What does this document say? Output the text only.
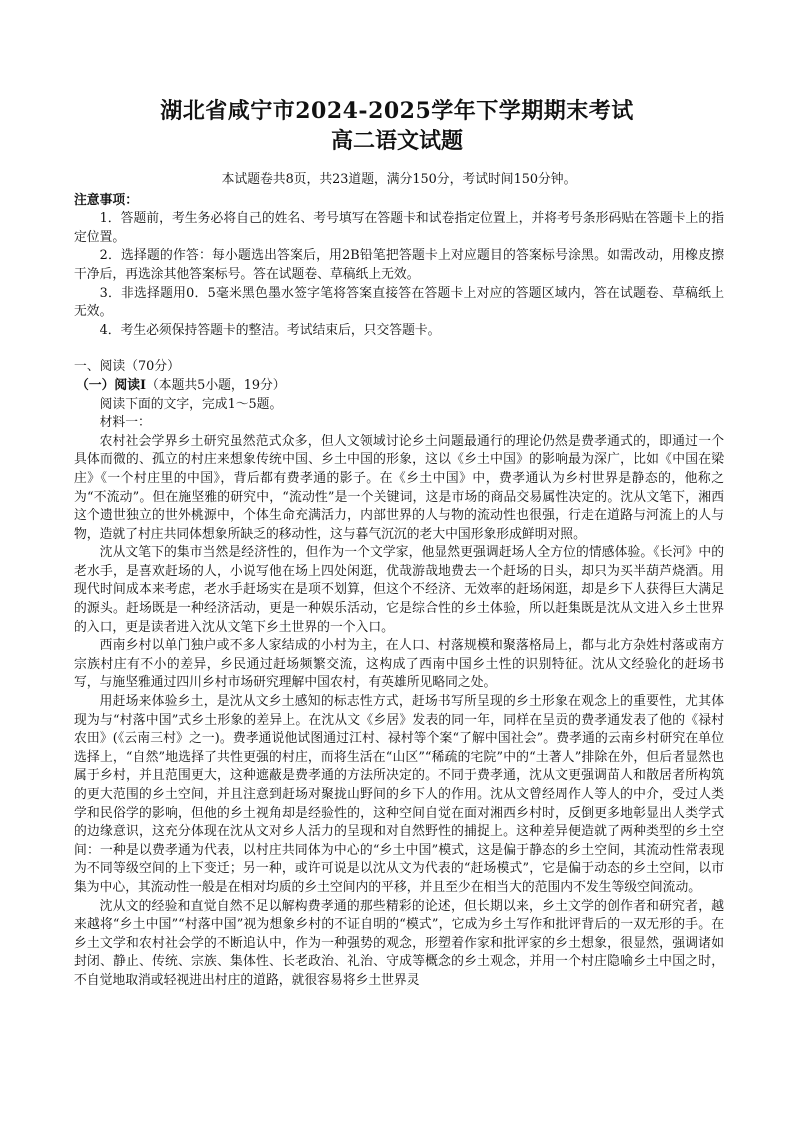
湖北省咸宁市2024-2025学年下学期期末考试
高二语文试题

本试题卷共8页，共23道题，满分150分，考试时间150分钟。

注意事项：

1．答题前，考生务必将自己的姓名、考号填写在答题卡和试卷指定位置上，并将考号条形码贴在答题卡上的指定位置。

2．选择题的作答：每小题选出答案后，用2B铅笔把答题卡上对应题目的答案标号涂黑。如需改动，用橡皮擦干净后，再选涂其他答案标号。答在试题卷、草稿纸上无效。

3．非选择题用0．5毫米黑色墨水签字笔将答案直接答在答题卡上对应的答题区域内，答在试题卷、草稿纸上无效。

4．考生必须保持答题卡的整洁。考试结束后，只交答题卡。

一、阅读（70分）

（一）阅读Ⅰ（本题共5小题，19分）

阅读下面的文字，完成1～5题。

材料一：

农村社会学界乡土研究虽然范式众多，但人文领域讨论乡土问题最通行的理论仍然是费孝通式的，即通过一个具体而微的、孤立的村庄来想象传统中国、乡土中国的形象，这以《乡土中国》的影响最为深广，比如《中国在梁庄》《一个村庄里的中国》，背后都有费孝通的影子。在《乡土中国》中，费孝通认为乡村世界是静态的，他称之为“不流动”。但在施坚雅的研究中，“流动性”是一个关键词，这是市场的商品交易属性决定的。沈从文笔下，湘西这个遗世独立的世外桃源中，个体生命充满活力，内部世界的人与物的流动性也很强，行走在道路与河流上的人与物，造就了村庄共同体想象所缺乏的移动性，这与暮气沉沉的老大中国形象形成鲜明对照。

沈从文笔下的集市当然是经济性的，但作为一个文学家，他显然更强调赶场人全方位的情感体验。《长河》中的老水手，是喜欢赶场的人，小说写他在场上四处闲逛，优哉游哉地费去一个赶场的日头，却只为买半葫芦烧酒。用现代时间成本来考虑，老水手赶场实在是项不划算，但这个不经济、无效率的赶场闲逛，却是乡下人获得巨大满足的源头。赶场既是一种经济活动，更是一种娱乐活动，它是综合性的乡土体验，所以赶集既是沈从文进入乡土世界的入口，更是读者进入沈从文笔下乡土世界的一个入口。

西南乡村以单门独户或不多人家结成的小村为主，在人口、村落规模和聚落格局上，都与北方杂姓村落或南方宗族村庄有不小的差异，乡民通过赶场频繁交流，这构成了西南中国乡土性的识别特征。沈从文经验化的赶场书写，与施坚雅通过四川乡村市场研究理解中国农村，有英雄所见略同之处。

用赶场来体验乡土，是沈从文乡土感知的标志性方式，赶场书写所呈现的乡土形象在观念上的重要性，尤其体现为与“村落中国”式乡土形象的差异上。在沈从文《乡居》发表的同一年，同样在呈贡的费孝通发表了他的《禄村农田》(《云南三村》之一)。费孝通说他试图通过江村、禄村等个案“了解中国社会”。费孝通的云南乡村研究在单位选择上，“自然”地选择了共性更强的村庄，而将生活在“山区”“稀疏的宅院”中的“土著人”排除在外，但后者显然也属于乡村，并且范围更大，这种遮蔽是费孝通的方法所决定的。不同于费孝通，沈从文更强调苗人和散居者所构筑的更大范围的乡土空间，并且注意到赶场对聚拢山野间的乡下人的作用。沈从文曾经周作人等人的中介，受过人类学和民俗学的影响，但他的乡土视角却是经验性的，这种空间自觉在面对湘西乡村时，反倒更多地彰显出人类学式的边缘意识，这充分体现在沈从文对乡人活力的呈现和对自然野性的捕捉上。这种差异便造就了两种类型的乡土空间：一种是以费孝通为代表，以村庄共同体为中心的“乡土中国”模式，这是偏于静态的乡土空间，其流动性常表现为不同等级空间的上下变迁；另一种，或许可说是以沈从文为代表的“赶场模式”，它是偏于动态的乡土空间，以市集为中心，其流动性一般是在相对均质的乡土空间内的平移，并且至少在相当大的范围内不发生等级空间流动。

沈从文的经验和直觉自然不足以解构费孝通的那些精彩的论述，但长期以来，乡土文学的创作者和研究者，越来越将“乡土中国”“村落中国”视为想象乡村的不证自明的“模式”，它成为乡土写作和批评背后的一双无形的手。在乡土文学和农村社会学的不断追认中，作为一种强势的观念，形塑着作家和批评家的乡土想象，很显然，强调诸如封闭、静止、传统、宗族、集体性、长老政治、礼治、守成等概念的乡土观念，并用一个村庄隐喻乡土中国之时，不自觉地取消或轻视进出村庄的道路，就很容易将乡土世界灵
